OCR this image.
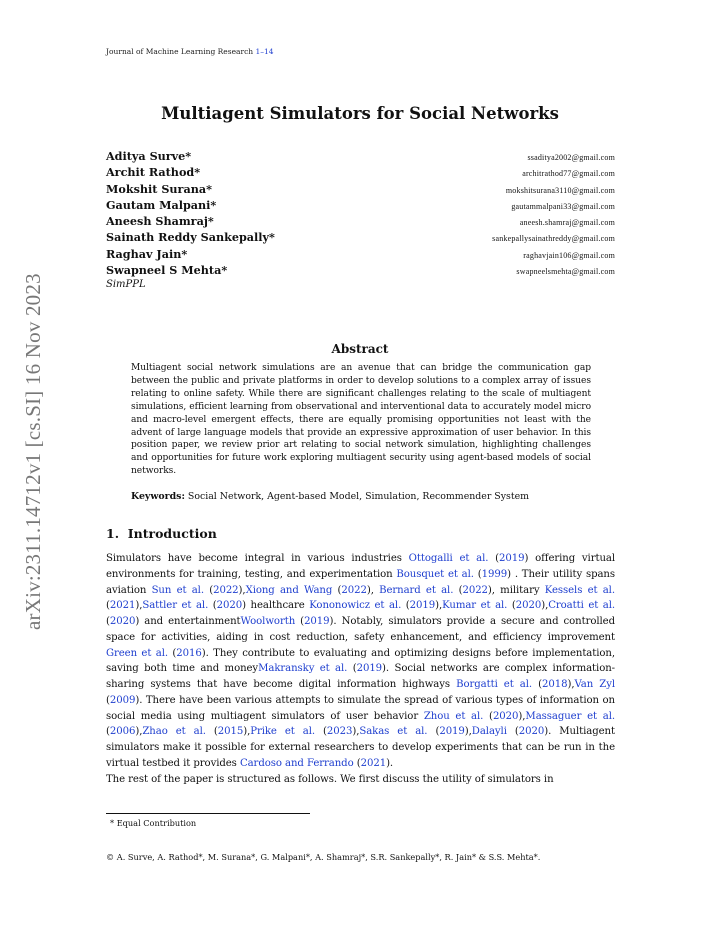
Journal of Machine Learning Research 1–14
arXiv:2311.14712v1 [cs.SI] 16 Nov 2023
Multiagent Simulators for Social Networks
Aditya Surve*	ssaditya2002@gmail.com
Archit Rathod*	architrathod77@gmail.com
Mokshit Surana*	mokshitsurana3110@gmail.com
Gautam Malpani*	gautammalpani33@gmail.com
Aneesh Shamraj*	aneesh.shamraj@gmail.com
Sainath Reddy Sankepally*	sankepallysainathreddy@gmail.com
Raghav Jain*	raghavjain106@gmail.com
Swapneel S Mehta*	swapneelsmehta@gmail.com
SimPPL
Abstract
Multiagent social network simulations are an avenue that can bridge the communication gap between the public and private platforms in order to develop solutions to a complex array of issues relating to online safety. While there are significant challenges relating to the scale of multiagent simulations, efficient learning from observational and interventional data to accurately model micro and macro-level emergent effects, there are equally promising opportunities not least with the advent of large language models that provide an expressive approximation of user behavior. In this position paper, we review prior art relating to social network simulation, highlighting challenges and opportunities for future work exploring multiagent security using agent-based models of social networks.
Keywords: Social Network, Agent-based Model, Simulation, Recommender System
1. Introduction
Simulators have become integral in various industries Ottogalli et al. (2019) offering virtual environments for training, testing, and experimentation Bousquet et al. (1999) . Their utility spans aviation Sun et al. (2022),Xiong and Wang (2022), Bernard et al. (2022), military Kessels et al. (2021),Sattler et al. (2020) healthcare Kononowicz et al. (2019),Kumar et al. (2020),Croatti et al. (2020) and entertainmentWoolworth (2019). Notably, simulators provide a secure and controlled space for activities, aiding in cost reduction, safety enhancement, and efficiency improvement Green et al. (2016). They contribute to evaluating and optimizing designs before implementation, saving both time and moneyMakransky et al. (2019). Social networks are complex information-sharing systems that have become digital information highways Borgatti et al. (2018),Van Zyl (2009). There have been various attempts to simulate the spread of various types of information on social media using multiagent simulators of user behavior Zhou et al. (2020),Massaguer et al. (2006),Zhao et al. (2015),Prike et al. (2023),Sakas et al. (2019),Dalayli (2020). Multiagent simulators make it possible for external researchers to develop experiments that can be run in the virtual testbed it provides Cardoso and Ferrando (2021).
The rest of the paper is structured as follows. We first discuss the utility of simulators in
* Equal Contribution
© A. Surve, A. Rathod*, M. Surana*, G. Malpani*, A. Shamraj*, S.R. Sankepally*, R. Jain* & S.S. Mehta*.
